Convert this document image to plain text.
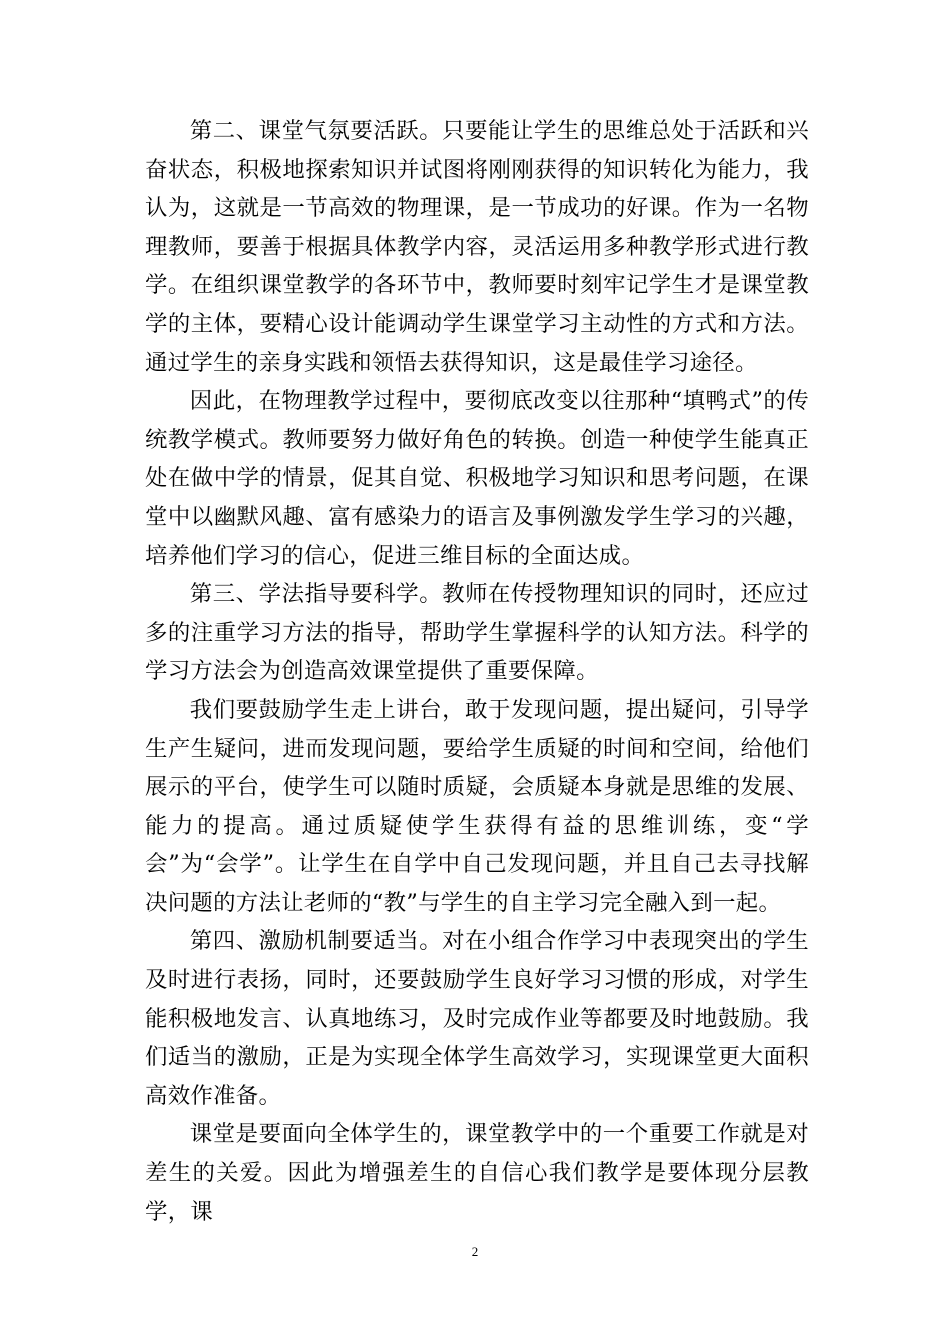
第二、课堂气氛要活跃。只要能让学生的思维总处于活跃和兴奋状态，积极地探索知识并试图将刚刚获得的知识转化为能力，我认为，这就是一节高效的物理课，是一节成功的好课。作为一名物理教师，要善于根据具体教学内容，灵活运用多种教学形式进行教学。在组织课堂教学的各环节中，教师要时刻牢记学生才是课堂教学的主体，要精心设计能调动学生课堂学习主动性的方式和方法。通过学生的亲身实践和领悟去获得知识，这是最佳学习途径。

因此，在物理教学过程中，要彻底改变以往那种“填鸭式”的传统教学模式。教师要努力做好角色的转换。创造一种使学生能真正处在做中学的情景，促其自觉、积极地学习知识和思考问题，在课堂中以幽默风趣、富有感染力的语言及事例激发学生学习的兴趣，培养他们学习的信心，促进三维目标的全面达成。

第三、学法指导要科学。教师在传授物理知识的同时，还应过多的注重学习方法的指导，帮助学生掌握科学的认知方法。科学的学习方法会为创造高效课堂提供了重要保障。

我们要鼓励学生走上讲台，敢于发现问题，提出疑问，引导学生产生疑问，进而发现问题，要给学生质疑的时间和空间，给他们展示的平台，使学生可以随时质疑，会质疑本身就是思维的发展、能力的提高。通过质疑使学生获得有益的思维训练，变“学会”为“会学”。让学生在自学中自己发现问题，并且自己去寻找解决问题的方法让老师的“教”与学生的自主学习完全融入到一起。

第四、激励机制要适当。对在小组合作学习中表现突出的学生及时进行表扬，同时，还要鼓励学生良好学习习惯的形成，对学生能积极地发言、认真地练习，及时完成作业等都要及时地鼓励。我们适当的激励，正是为实现全体学生高效学习，实现课堂更大面积高效作准备。

课堂是要面向全体学生的，课堂教学中的一个重要工作就是对差生的关爱。因此为增强差生的自信心我们教学是要体现分层教学，课

2
